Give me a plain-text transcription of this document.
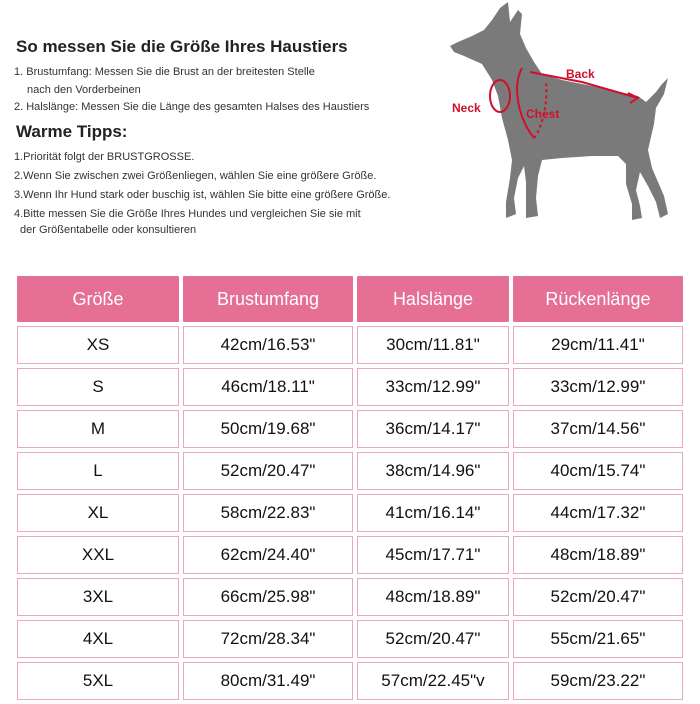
So messen Sie die Größe Ihres Haustiers
1. Brustumfang: Messen Sie die Brust an der breitesten Stelle
nach den Vorderbeinen
2. Halslänge: Messen Sie die Länge des gesamten Halses des Haustiers
Warme Tipps:
1.Priorität folgt der BRUSTGROSSE.
2.Wenn Sie zwischen zwei Größenliegen, wählen Sie eine größere Größe.
3.Wenn Ihr Hund stark oder buschig ist, wählen Sie bitte eine größere Größe.
4.Bitte messen Sie die Größe Ihres Hundes und vergleichen Sie sie mit
der Größentabelle oder konsultieren
Back
Neck	Chest
Größe	Brustumfang	Halslänge	Rückenlänge
XS	42cm/16.53"	30cm/11.81"	29cm/11.41"
S	46cm/18.11"	33cm/12.99"	33cm/12.99"
M	50cm/19.68"	36cm/14.17"	37cm/14.56"
L	52cm/20.47"	38cm/14.96"	40cm/15.74"
XL	58cm/22.83"	41cm/16.14"	44cm/17.32"
XXL	62cm/24.40"	45cm/17.71"	48cm/18.89"
3XL	66cm/25.98"	48cm/18.89"	52cm/20.47"
4XL	72cm/28.34"	52cm/20.47"	55cm/21.65"
5XL	80cm/31.49"	57cm/22.45"v	59cm/23.22"
